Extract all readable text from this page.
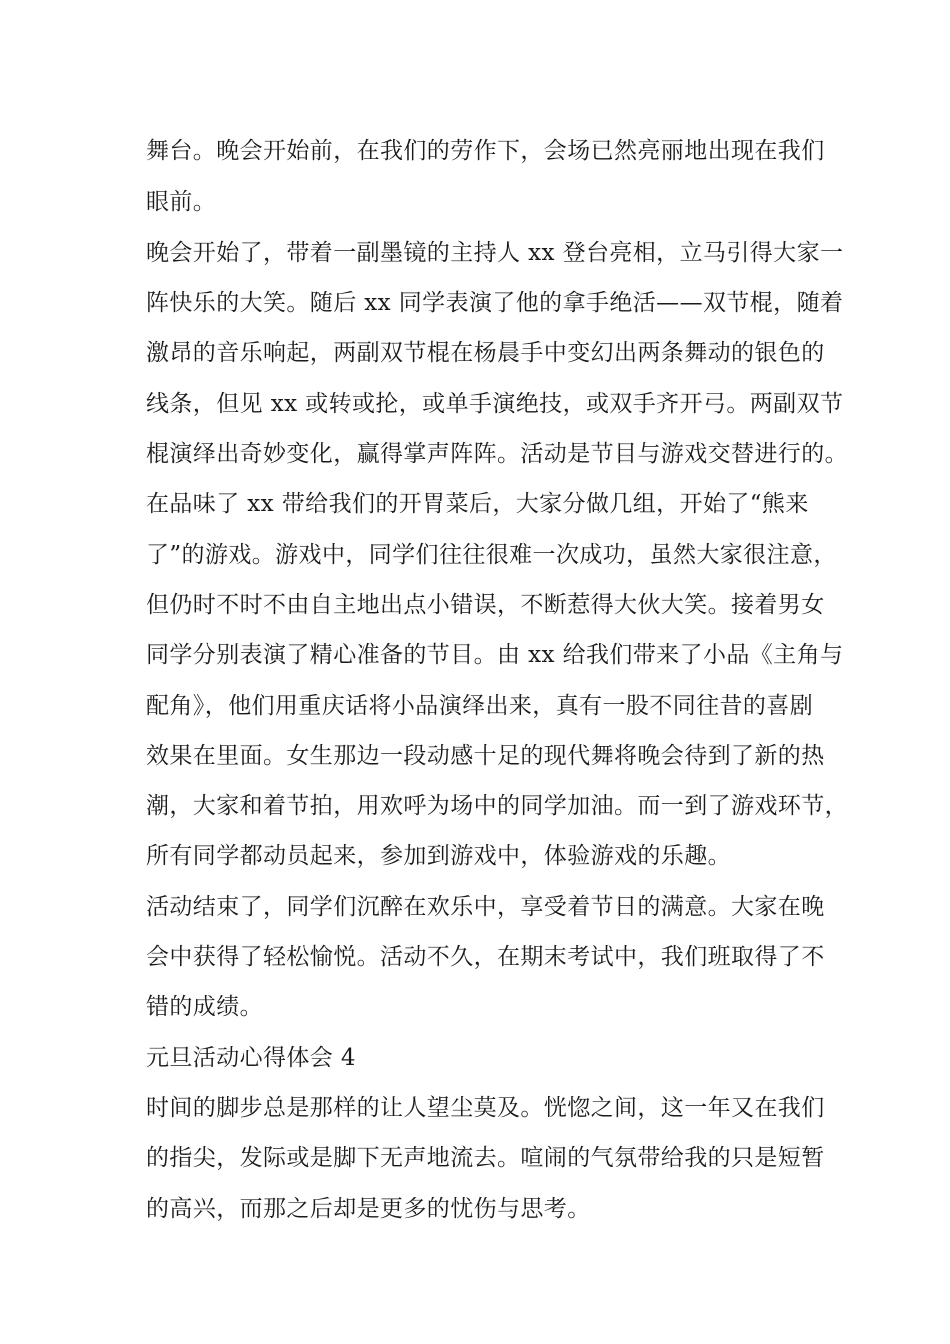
舞台。晚会开始前，在我们的劳作下，会场已然亮丽地出现在我们
眼前。
晚会开始了，带着一副墨镜的主持人 xx 登台亮相，立马引得大家一
阵快乐的大笑。随后 xx 同学表演了他的拿手绝活——双节棍，随着
激昂的音乐响起，两副双节棍在杨晨手中变幻出两条舞动的银色的
线条，但见 xx 或转或抡，或单手演绝技，或双手齐开弓。两副双节
棍演绎出奇妙变化，赢得掌声阵阵。活动是节目与游戏交替进行的。
在品味了 xx 带给我们的开胃菜后，大家分做几组，开始了“熊来
了”的游戏。游戏中，同学们往往很难一次成功，虽然大家很注意，
但仍时不时不由自主地出点小错误，不断惹得大伙大笑。接着男女
同学分别表演了精心准备的节目。由 xx 给我们带来了小品《主角与
配角》，他们用重庆话将小品演绎出来，真有一股不同往昔的喜剧
效果在里面。女生那边一段动感十足的现代舞将晚会待到了新的热
潮，大家和着节拍，用欢呼为场中的同学加油。而一到了游戏环节，
所有同学都动员起来，参加到游戏中，体验游戏的乐趣。
活动结束了，同学们沉醉在欢乐中，享受着节日的满意。大家在晚
会中获得了轻松愉悦。活动不久，在期末考试中，我们班取得了不
错的成绩。
元旦活动心得体会 4
时间的脚步总是那样的让人望尘莫及。恍惚之间，这一年又在我们
的指尖，发际或是脚下无声地流去。喧闹的气氛带给我的只是短暂
的高兴，而那之后却是更多的忧伤与思考。
